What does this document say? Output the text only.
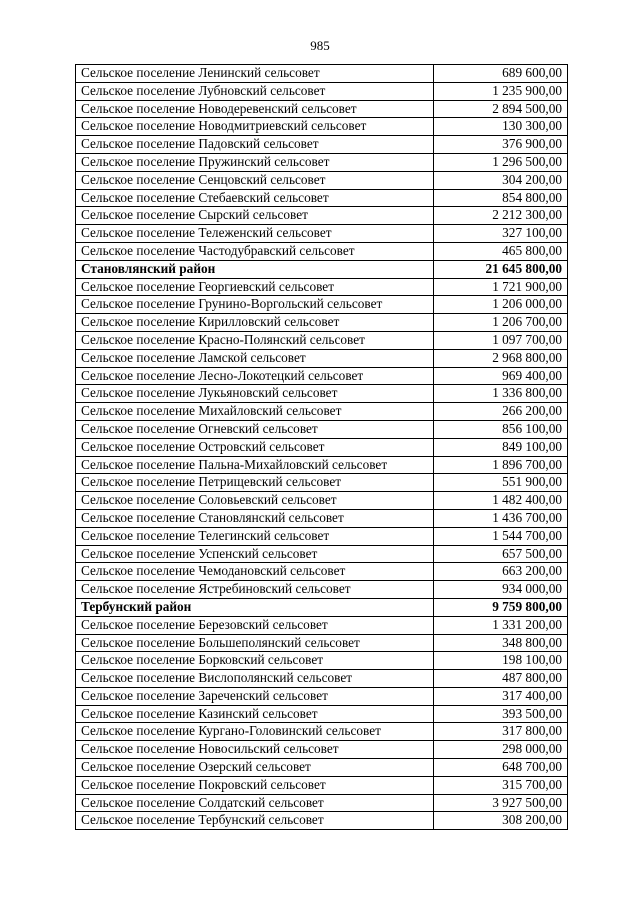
985
Сельское поселение Ленинский сельсовет	689 600,00
Сельское поселение Лубновский сельсовет	1 235 900,00
Сельское поселение Новодеревенский сельсовет	2 894 500,00
Сельское поселение Новодмитриевский сельсовет	130 300,00
Сельское поселение Падовский сельсовет	376 900,00
Сельское поселение Пружинский сельсовет	1 296 500,00
Сельское поселение Сенцовский сельсовет	304 200,00
Сельское поселение Стебаевский сельсовет	854 800,00
Сельское поселение Сырский сельсовет	2 212 300,00
Сельское поселение Тележенский сельсовет	327 100,00
Сельское поселение Частодубравский сельсовет	465 800,00
Становлянский район	21 645 800,00
Сельское поселение Георгиевский сельсовет	1 721 900,00
Сельское поселение Грунино-Воргольский сельсовет	1 206 000,00
Сельское поселение Кирилловский сельсовет	1 206 700,00
Сельское поселение Красно-Полянский сельсовет	1 097 700,00
Сельское поселение Ламской сельсовет	2 968 800,00
Сельское поселение Лесно-Локотецкий сельсовет	969 400,00
Сельское поселение Лукьяновский сельсовет	1 336 800,00
Сельское поселение Михайловский сельсовет	266 200,00
Сельское поселение Огневский сельсовет	856 100,00
Сельское поселение Островский сельсовет	849 100,00
Сельское поселение Пальна-Михайловский сельсовет	1 896 700,00
Сельское поселение Петрищевский сельсовет	551 900,00
Сельское поселение Соловьевский сельсовет	1 482 400,00
Сельское поселение Становлянский сельсовет	1 436 700,00
Сельское поселение Телегинский сельсовет	1 544 700,00
Сельское поселение Успенский сельсовет	657 500,00
Сельское поселение Чемодановский сельсовет	663 200,00
Сельское поселение Ястребиновский сельсовет	934 000,00
Тербунский район	9 759 800,00
Сельское поселение Березовский сельсовет	1 331 200,00
Сельское поселение Большеполянский сельсовет	348 800,00
Сельское поселение Борковский сельсовет	198 100,00
Сельское поселение Вислополянский сельсовет	487 800,00
Сельское поселение Зареченский сельсовет	317 400,00
Сельское поселение Казинский сельсовет	393 500,00
Сельское поселение Кургано-Головинский сельсовет	317 800,00
Сельское поселение Новосильский сельсовет	298 000,00
Сельское поселение Озерский сельсовет	648 700,00
Сельское поселение Покровский сельсовет	315 700,00
Сельское поселение Солдатский сельсовет	3 927 500,00
Сельское поселение Тербунский сельсовет	308 200,00
